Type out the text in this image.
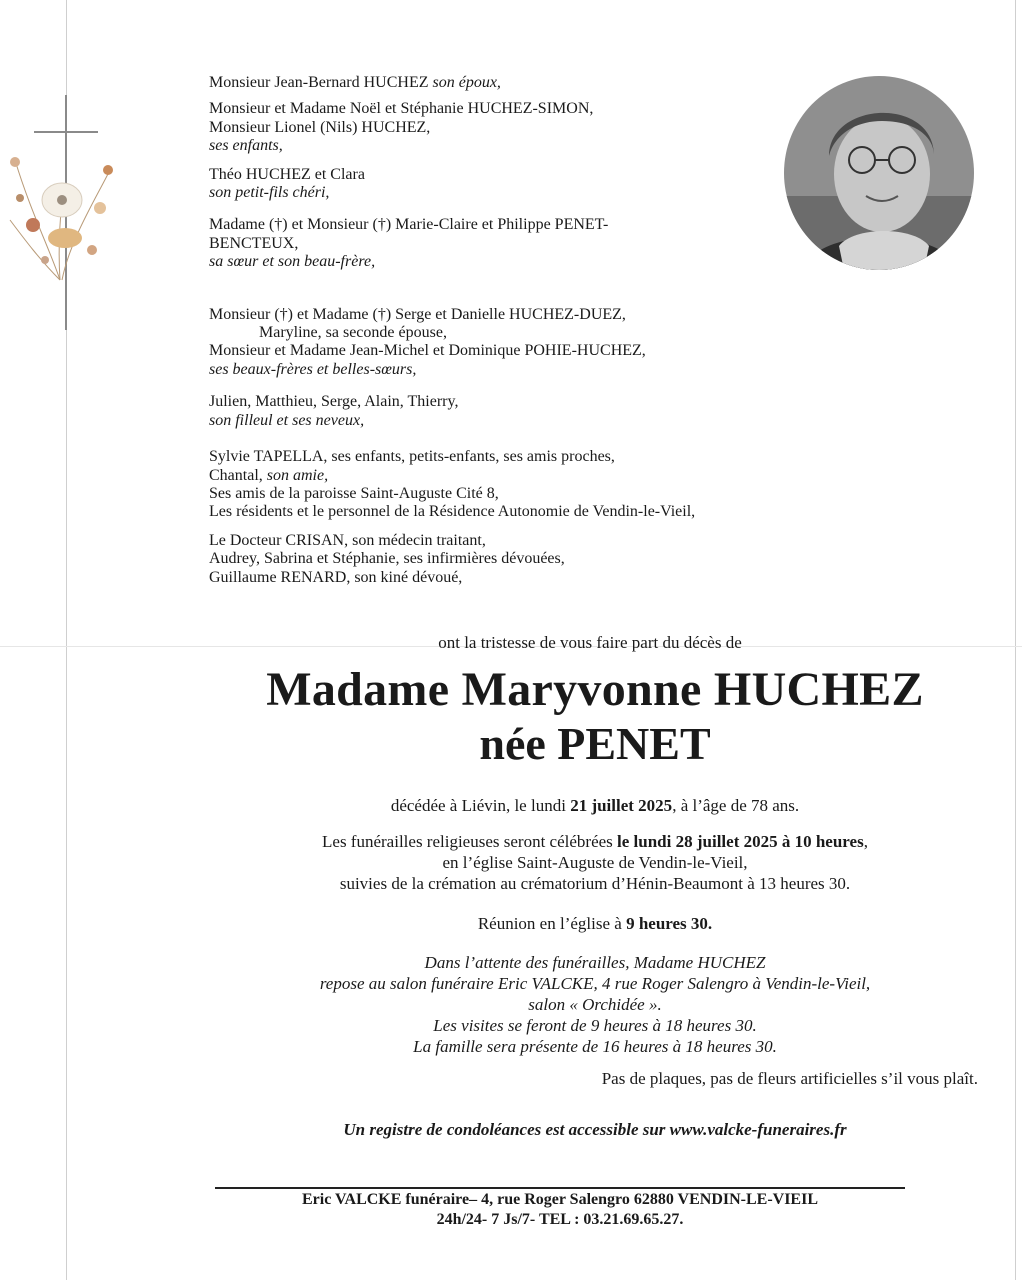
Monsieur Jean-Bernard HUCHEZ son époux,
Monsieur et Madame Noël et Stéphanie HUCHEZ-SIMON,
Monsieur Lionel (Nils) HUCHEZ,
ses enfants,
Théo HUCHEZ et Clara
son petit-fils chéri,
Madame (†) et Monsieur (†) Marie-Claire et Philippe PENET-
BENCTEUX,
sa sœur et son beau-frère,
Monsieur (†) et Madame (†) Serge et Danielle HUCHEZ-DUEZ,
Maryline, sa seconde épouse,
Monsieur et Madame Jean-Michel et Dominique POHIE-HUCHEZ,
ses beaux-frères et belles-sœurs,
Julien, Matthieu, Serge, Alain, Thierry,
son filleul et ses neveux,
Sylvie TAPELLA, ses enfants, petits-enfants, ses amis proches,
Chantal, son amie,
Ses amis de la paroisse Saint-Auguste Cité 8,
Les résidents et le personnel de la Résidence Autonomie de Vendin-le-Vieil,
Le Docteur CRISAN, son médecin traitant,
Audrey, Sabrina et Stéphanie, ses infirmières dévouées,
Guillaume RENARD, son kiné dévoué,
ont la tristesse de vous faire part du décès de
Madame Maryvonne HUCHEZ
née PENET
décédée à Liévin, le lundi 21 juillet 2025, à l’âge de 78 ans.
Les funérailles religieuses seront célébrées le lundi 28 juillet 2025 à 10 heures,
en l’église Saint-Auguste de Vendin-le-Vieil,
suivies de la crémation au crématorium d’Hénin-Beaumont à 13 heures 30.
Réunion en l’église à 9 heures 30.
Dans l’attente des funérailles, Madame HUCHEZ
repose au salon funéraire Eric VALCKE, 4 rue Roger Salengro à Vendin-le-Vieil,
salon « Orchidée ».
Les visites se feront de 9 heures à 18 heures 30.
La famille sera présente de 16 heures à 18 heures 30.
Pas de plaques, pas de fleurs artificielles s’il vous plaît.
Un registre de condoléances est accessible sur www.valcke-funeraires.fr
Eric VALCKE funéraire– 4, rue Roger Salengro 62880 VENDIN-LE-VIEIL
24h/24- 7 Js/7- TEL : 03.21.69.65.27.
